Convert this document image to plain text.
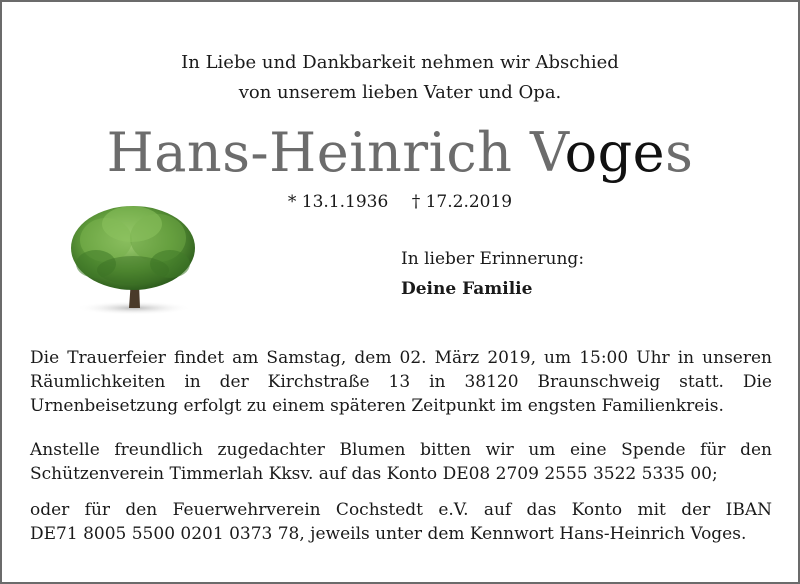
In Liebe und Dankbarkeit nehmen wir Abschied
von unserem lieben Vater und Opa.
Hans-Heinrich Voges
* 13.1.1936 † 17.2.2019
In lieber Erinnerung:
Deine Familie
Die Trauerfeier findet am Samstag, dem 02. März 2019, um 15:00 Uhr in unseren
Räumlichkeiten in der Kirchstraße 13 in 38120 Braunschweig statt. Die
Urnenbeisetzung erfolgt zu einem späteren Zeitpunkt im engsten Familienkreis.
Anstelle freundlich zugedachter Blumen bitten wir um eine Spende für den
Schützenverein Timmerlah Kksv. auf das Konto DE08 2709 2555 3522 5335 00;
oder für den Feuerwehrverein Cochstedt e.V. auf das Konto mit der IBAN
DE71 8005 5500 0201 0373 78, jeweils unter dem Kennwort Hans-Heinrich Voges.
